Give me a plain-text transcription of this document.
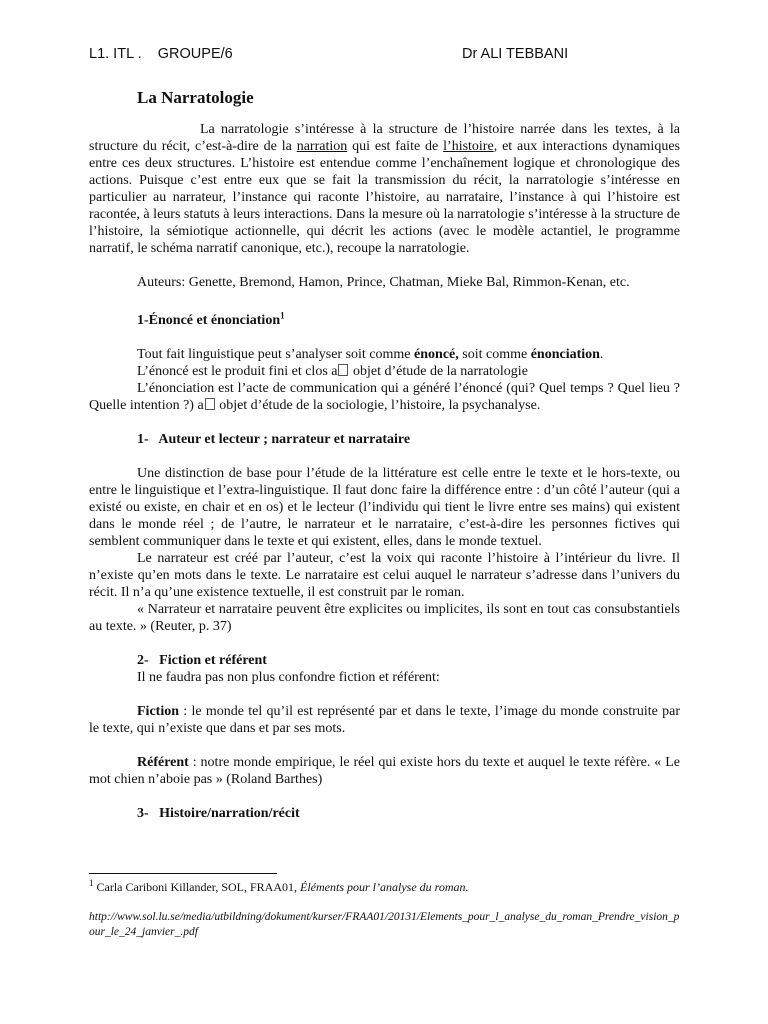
L1. ITL .    GROUPE/6	Dr ALI TEBBANI
La Narratologie

La narratologie s’intéresse à la structure de l’histoire narrée dans les textes, à la structure du récit, c’est-à-dire de la narration qui est faite de l’histoire, et aux interactions dynamiques entre ces deux structures. L’histoire est entendue comme l’enchaînement logique et chronologique des actions. Puisque c’est entre eux que se fait la transmission du récit, la narratologie s’intéresse en particulier au narrateur, l’instance qui raconte l’histoire, au narrataire, l’instance à qui l’histoire est racontée, à leurs statuts à leurs interactions. Dans la mesure où la narratologie s’intéresse à la structure de l’histoire, la sémiotique actionnelle, qui décrit les actions (avec le modèle actantiel, le programme narratif, le schéma narratif canonique, etc.), recoupe la narratologie.

Auteurs: Genette, Bremond, Hamon, Prince, Chatman, Mieke Bal, Rimmon-Kenan, etc.

1-Énoncé et énonciation$^1$

Tout fait linguistique peut s’analyser soit comme énoncé, soit comme énonciation.

L’énoncé est le produit fini et clos a objet d’étude de la narratologie

L’énonciation est l’acte de communication qui a généré l’énoncé (qui? Quel temps ? Quel lieu ? Quelle intention ?) a objet d’étude de la sociologie, l’histoire, la psychanalyse.

1-   Auteur et lecteur ; narrateur et narrataire

Une distinction de base pour l’étude de la littérature est celle entre le texte et le hors-texte, ou entre le linguistique et l’extra-linguistique. Il faut donc faire la différence entre : d’un côté l’auteur (qui a existé ou existe, en chair et en os) et le lecteur (l’individu qui tient le livre entre ses mains) qui existent dans le monde réel ; de l’autre, le narrateur et le narrataire, c’est-à-dire les personnes fictives qui semblent communiquer dans le texte et qui existent, elles, dans le monde textuel.

Le narrateur est créé par l’auteur, c’est la voix qui raconte l’histoire à l’intérieur du livre. Il n’existe qu’en mots dans le texte. Le narrataire est celui auquel le narrateur s’adresse dans l’univers du récit. Il n’a qu’une existence textuelle, il est construit par le roman.

« Narrateur et narrataire peuvent être explicites ou implicites, ils sont en tout cas consubstantiels au texte. » (Reuter, p. 37)

2-   Fiction et référent

Il ne faudra pas non plus confondre fiction et référent:

Fiction : le monde tel qu’il est représenté par et dans le texte, l’image du monde construite par le texte, qui n’existe que dans et par ses mots.

Référent : notre monde empirique, le réel qui existe hors du texte et auquel le texte réfère. « Le mot chien n’aboie pas » (Roland Barthes)

3-   Histoire/narration/récit

$^1$ Carla Cariboni Killander, SOL, FRAA01, Éléments pour l’analyse du roman.
http://www.sol.lu.se/media/utbildning/dokument/kurser/FRAA01/20131/Elements_pour_l_analyse_du_roman_Prendre_vision_pour_le_24_janvier_.pdf
